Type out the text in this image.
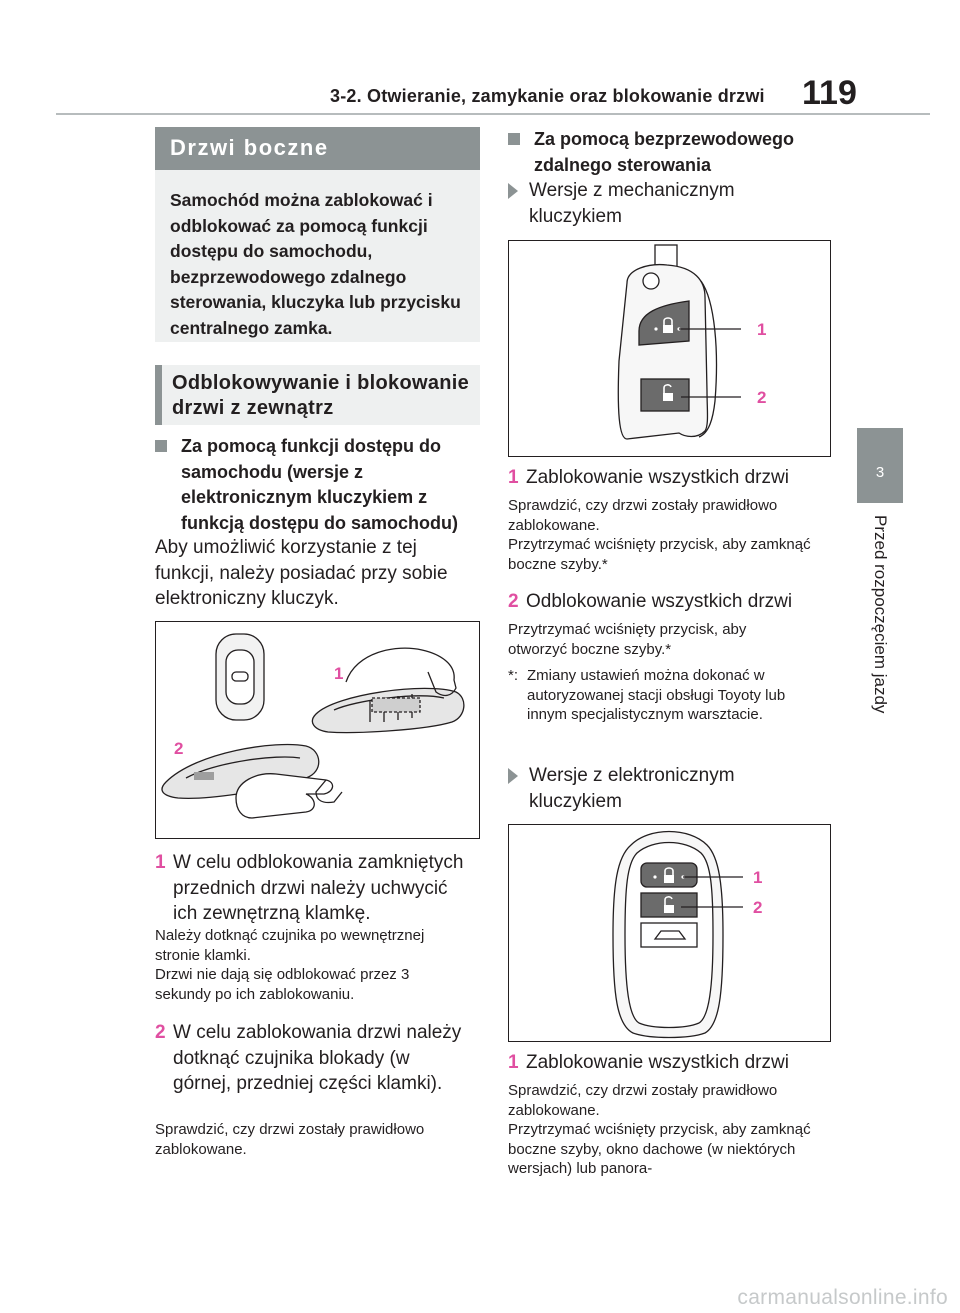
3-2. Otwieranie, zamykanie oraz blokowanie drzwi 119
3
Przed rozpoczęciem jazdy
Drzwi boczne
Samochód można zablokować i odblokować za pomocą funkcji dostępu do samochodu, bezprzewodowego zdalnego sterowania, kluczyka lub przycisku centralnego zamka.
Odblokowywanie i blokowanie drzwi z zewnątrz
Za pomocą funkcji dostępu do samochodu (wersje z elektronicznym kluczykiem z funkcją dostępu do samochodu)
Aby umożliwić korzystanie z tej funkcji, należy posiadać przy sobie elektroniczny kluczyk.
1
2
1 W celu odblokowania zamkniętych przednich drzwi należy uchwycić ich zewnętrzną klamkę.
Należy dotknąć czujnika po wewnętrznej stronie klamki.
Drzwi nie dają się odblokować przez 3 sekundy po ich zablokowaniu.
2 W celu zablokowania drzwi należy dotknąć czujnika blokady (w górnej, przedniej części klamki).
Sprawdzić, czy drzwi zostały prawidłowo zablokowane.
Za pomocą bezprzewodowego zdalnego sterowania
Wersje z mechanicznym kluczykiem
1
2
1 Zablokowanie wszystkich drzwi
Sprawdzić, czy drzwi zostały prawidłowo zablokowane.
Przytrzymać wciśnięty przycisk, aby zamknąć boczne szyby.*
2 Odblokowanie wszystkich drzwi
Przytrzymać wciśnięty przycisk, aby otworzyć boczne szyby.*
*: Zmiany ustawień można dokonać w autoryzowanej stacji obsługi Toyoty lub innym specjalistycznym warsztacie.
Wersje z elektronicznym kluczykiem
1
2
1 Zablokowanie wszystkich drzwi
Sprawdzić, czy drzwi zostały prawidłowo zablokowane.
Przytrzymać wciśnięty przycisk, aby zamknąć boczne szyby, okno dachowe (w niektórych wersjach) lub panora-
carmanualsonline.info
